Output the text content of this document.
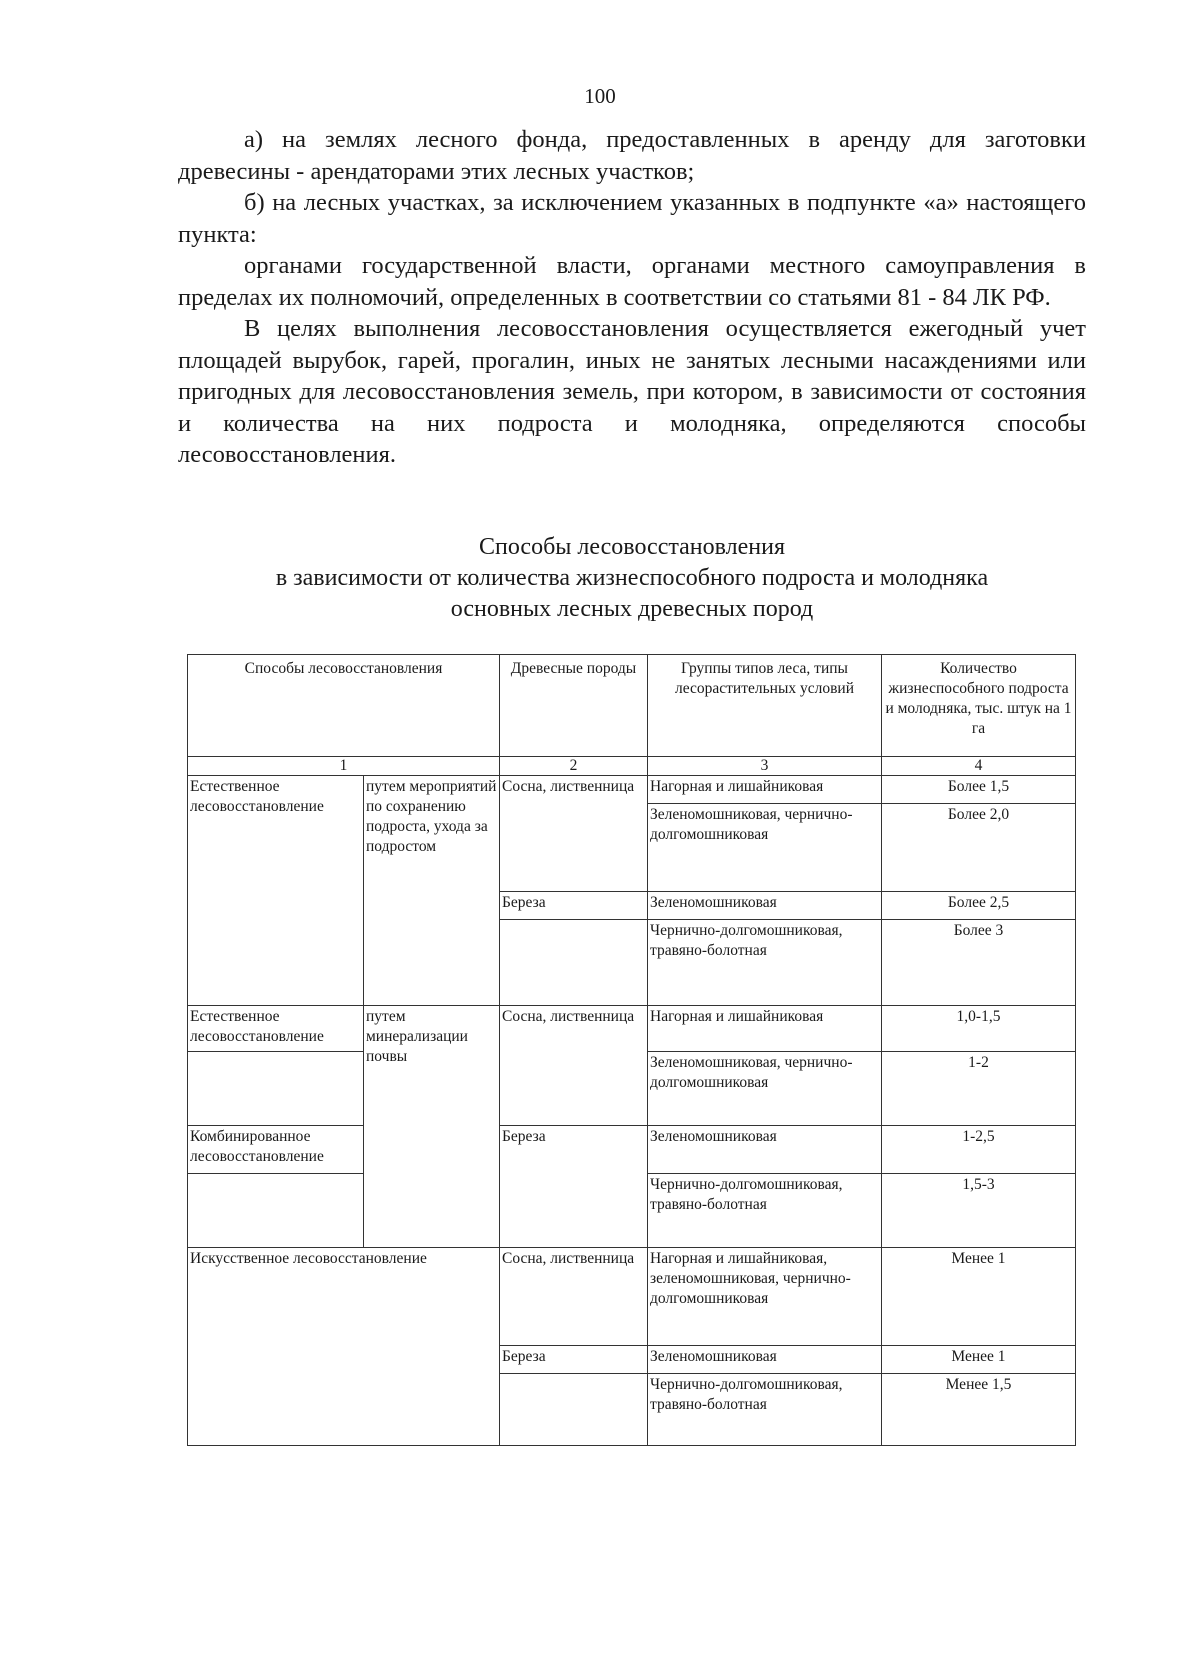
100

а) на землях лесного фонда, предоставленных в аренду для заготовки древесины - арендаторами этих лесных участков;

б) на лесных участках, за исключением указанных в подпункте «а» настоящего пункта:

органами государственной власти, органами местного самоуправления в пределах их полномочий, определенных в соответствии со статьями 81 - 84 ЛК РФ.

В целях выполнения лесовосстановления осуществляется ежегодный учет площадей вырубок, гарей, прогалин, иных не занятых лесными насаждениями или пригодных для лесовосстановления земель, при котором, в зависимости от состояния и количества на них подроста и молодняка, определяются способы лесовосстановления.

Способы лесовосстановления
в зависимости от количества жизнеспособного подроста и молодняка
основных лесных древесных пород
Способы лесовосстановления		Древесные породы	Группы типов леса, типы лесорастительных условий	Количество жизнеспособного подроста и молодняка, тыс. штук на 1 га
1		2	3	4
Естественное лесовосстановление	путем мероприятий по сохранению подроста, ухода за подростом	Сосна, лиственница	Нагорная и лишайниковая	Более 1,5
			Зеленомошниковая, чернично-долгомошниковая	Более 2,0
		Береза	Зеленомошниковая	Более 2,5
			Чернично-долгомошниковая, травяно-болотная	Более 3
Естественное лесовосстановление	путем минерализации почвы	Сосна, лиственница	Нагорная и лишайниковая	1,0-1,5
			Зеленомошниковая, чернично-долгомошниковая	1-2
Комбинированное лесовосстановление		Береза	Зеленомошниковая	1-2,5
			Чернично-долгомошниковая, травяно-болотная	1,5-3
Искусственное лесовосстановление		Сосна, лиственница	Нагорная и лишайниковая, зеленомошниковая, чернично-долгомошниковая	Менее 1
		Береза	Зеленомошниковая	Менее 1
			Чернично-долгомошниковая, травяно-болотная	Менее 1,5
